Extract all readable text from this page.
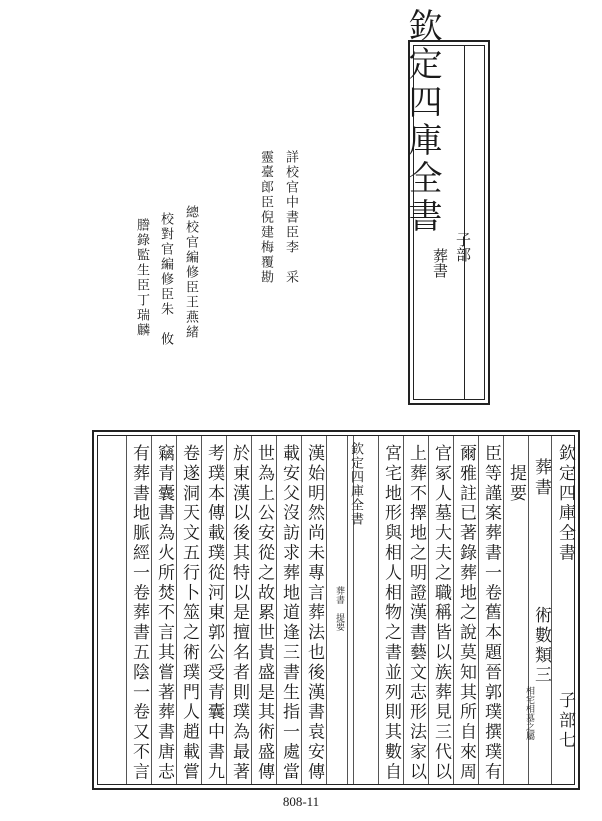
欽定四庫全書
子部
葬書
詳校官中書臣李　采
靈臺郎臣倪建梅覆勘
總校官編修臣王燕緒
校對官編修臣朱　攸
謄錄監生臣丁瑞麟
欽定四庫全書
子部七
葬書
術數類三
相宅相墓之屬
提要
臣等謹案葬書一卷舊本題晉郭璞撰璞有
爾雅註已著錄葬地之說莫知其所自來周
官冢人墓大夫之職稱皆以族葬見三代以
上葬不擇地之明證漢書藝文志形法家以
宮宅地形與相人相物之書並列則其數自
欽定四庫全書
葬書　提要
漢始明然尚未專言葬法也後漢書袁安傳
載安父沒訪求葬地道逢三書生指一處當
世為上公安從之故累世貴盛是其術盛傳
於東漢以後其特以是擅名者則璞為最著
考璞本傳載璞從河東郭公受青囊中書九
卷遂洞天文五行卜筮之術璞門人趙載嘗
竊青囊書為火所焚不言其嘗著葬書唐志
有葬書地脈經一卷葬書五陰一卷又不言
808-11
